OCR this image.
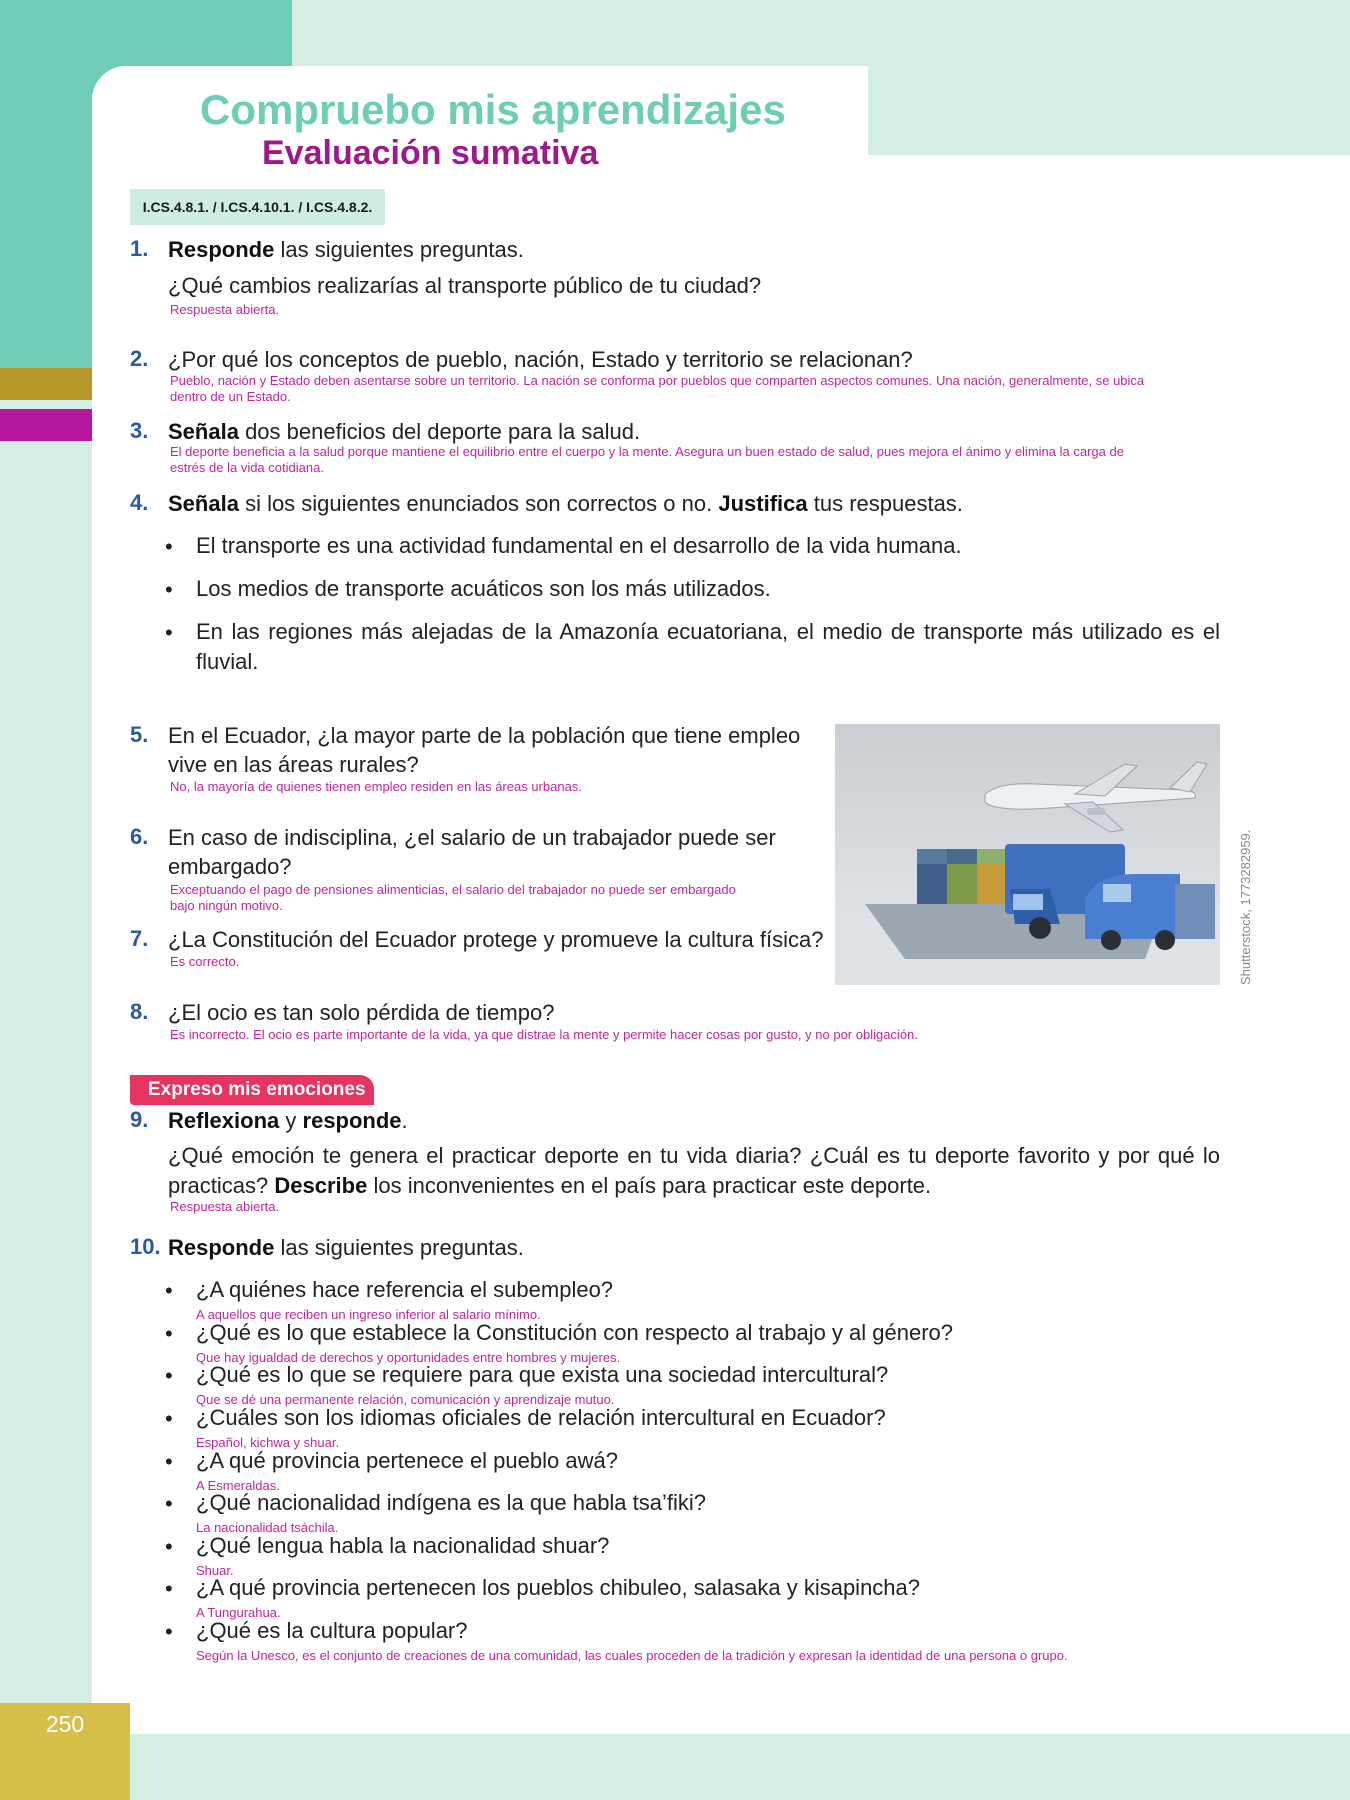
250
Compruebo mis aprendizajes
Evaluación sumativa
I.CS.4.8.1. / I.CS.4.10.1. / I.CS.4.8.2.
1. Responde las siguientes preguntas.
¿Qué cambios realizarías al transporte público de tu ciudad?
Respuesta abierta.
2. ¿Por qué los conceptos de pueblo, nación, Estado y territorio se relacionan?
Pueblo, nación y Estado deben asentarse sobre un territorio. La nación se conforma por pueblos que comparten aspectos comunes. Una nación, generalmente, se ubica
dentro de un Estado.
3. Señala dos beneficios del deporte para la salud.
El deporte beneficia a la salud porque mantiene el equilibrio entre el cuerpo y la mente. Asegura un buen estado de salud, pues mejora el ánimo y elimina la carga de
estrés de la vida cotidiana.
4. Señala si los siguientes enunciados son correctos o no. Justifica tus respuestas.
• El transporte es una actividad fundamental en el desarrollo de la vida humana.
• Los medios de transporte acuáticos son los más utilizados.
• En las regiones más alejadas de la Amazonía ecuatoriana, el medio de transporte más utilizado es el fluvial.
5. En el Ecuador, ¿la mayor parte de la población que tiene empleo
vive en las áreas rurales?
No, la mayoría de quienes tienen empleo residen en las áreas urbanas.
6. En caso de indisciplina, ¿el salario de un trabajador puede ser
embargado?
Exceptuando el pago de pensiones alimenticias, el salario del trabajador no puede ser embargado
bajo ningún motivo.
7. ¿La Constitución del Ecuador protege y promueve la cultura física?
Es correcto.	Shutterstock, 1773282959.
8. ¿El ocio es tan solo pérdida de tiempo?
Es incorrecto. El ocio es parte importante de la vida, ya que distrae la mente y permite hacer cosas por gusto, y no por obligación.
Expreso mis emociones
9. Reflexiona y responde.
¿Qué emoción te genera el practicar deporte en tu vida diaria? ¿Cuál es tu deporte favorito y por qué lo practicas? Describe los inconvenientes en el país para practicar este deporte.
Respuesta abierta.
10. Responde las siguientes preguntas.
• ¿A quiénes hace referencia el subempleo?
A aquellos que reciben un ingreso inferior al salario mínimo.
• ¿Qué es lo que establece la Constitución con respecto al trabajo y al género?
Que hay igualdad de derechos y oportunidades entre hombres y mujeres.
• ¿Qué es lo que se requiere para que exista una sociedad intercultural?
Que se dé una permanente relación, comunicación y aprendizaje mutuo.
• ¿Cuáles son los idiomas oficiales de relación intercultural en Ecuador?
Español, kichwa y shuar.
• ¿A qué provincia pertenece el pueblo awá?
A Esmeraldas.
• ¿Qué nacionalidad indígena es la que habla tsa’fiki?
La nacionalidad tsáchila.
• ¿Qué lengua habla la nacionalidad shuar?
Shuar.
• ¿A qué provincia pertenecen los pueblos chibuleo, salasaka y kisapincha?
A Tungurahua.
• ¿Qué es la cultura popular?
Según la Unesco, es el conjunto de creaciones de una comunidad, las cuales proceden de la tradición y expresan la identidad de una persona o grupo.
